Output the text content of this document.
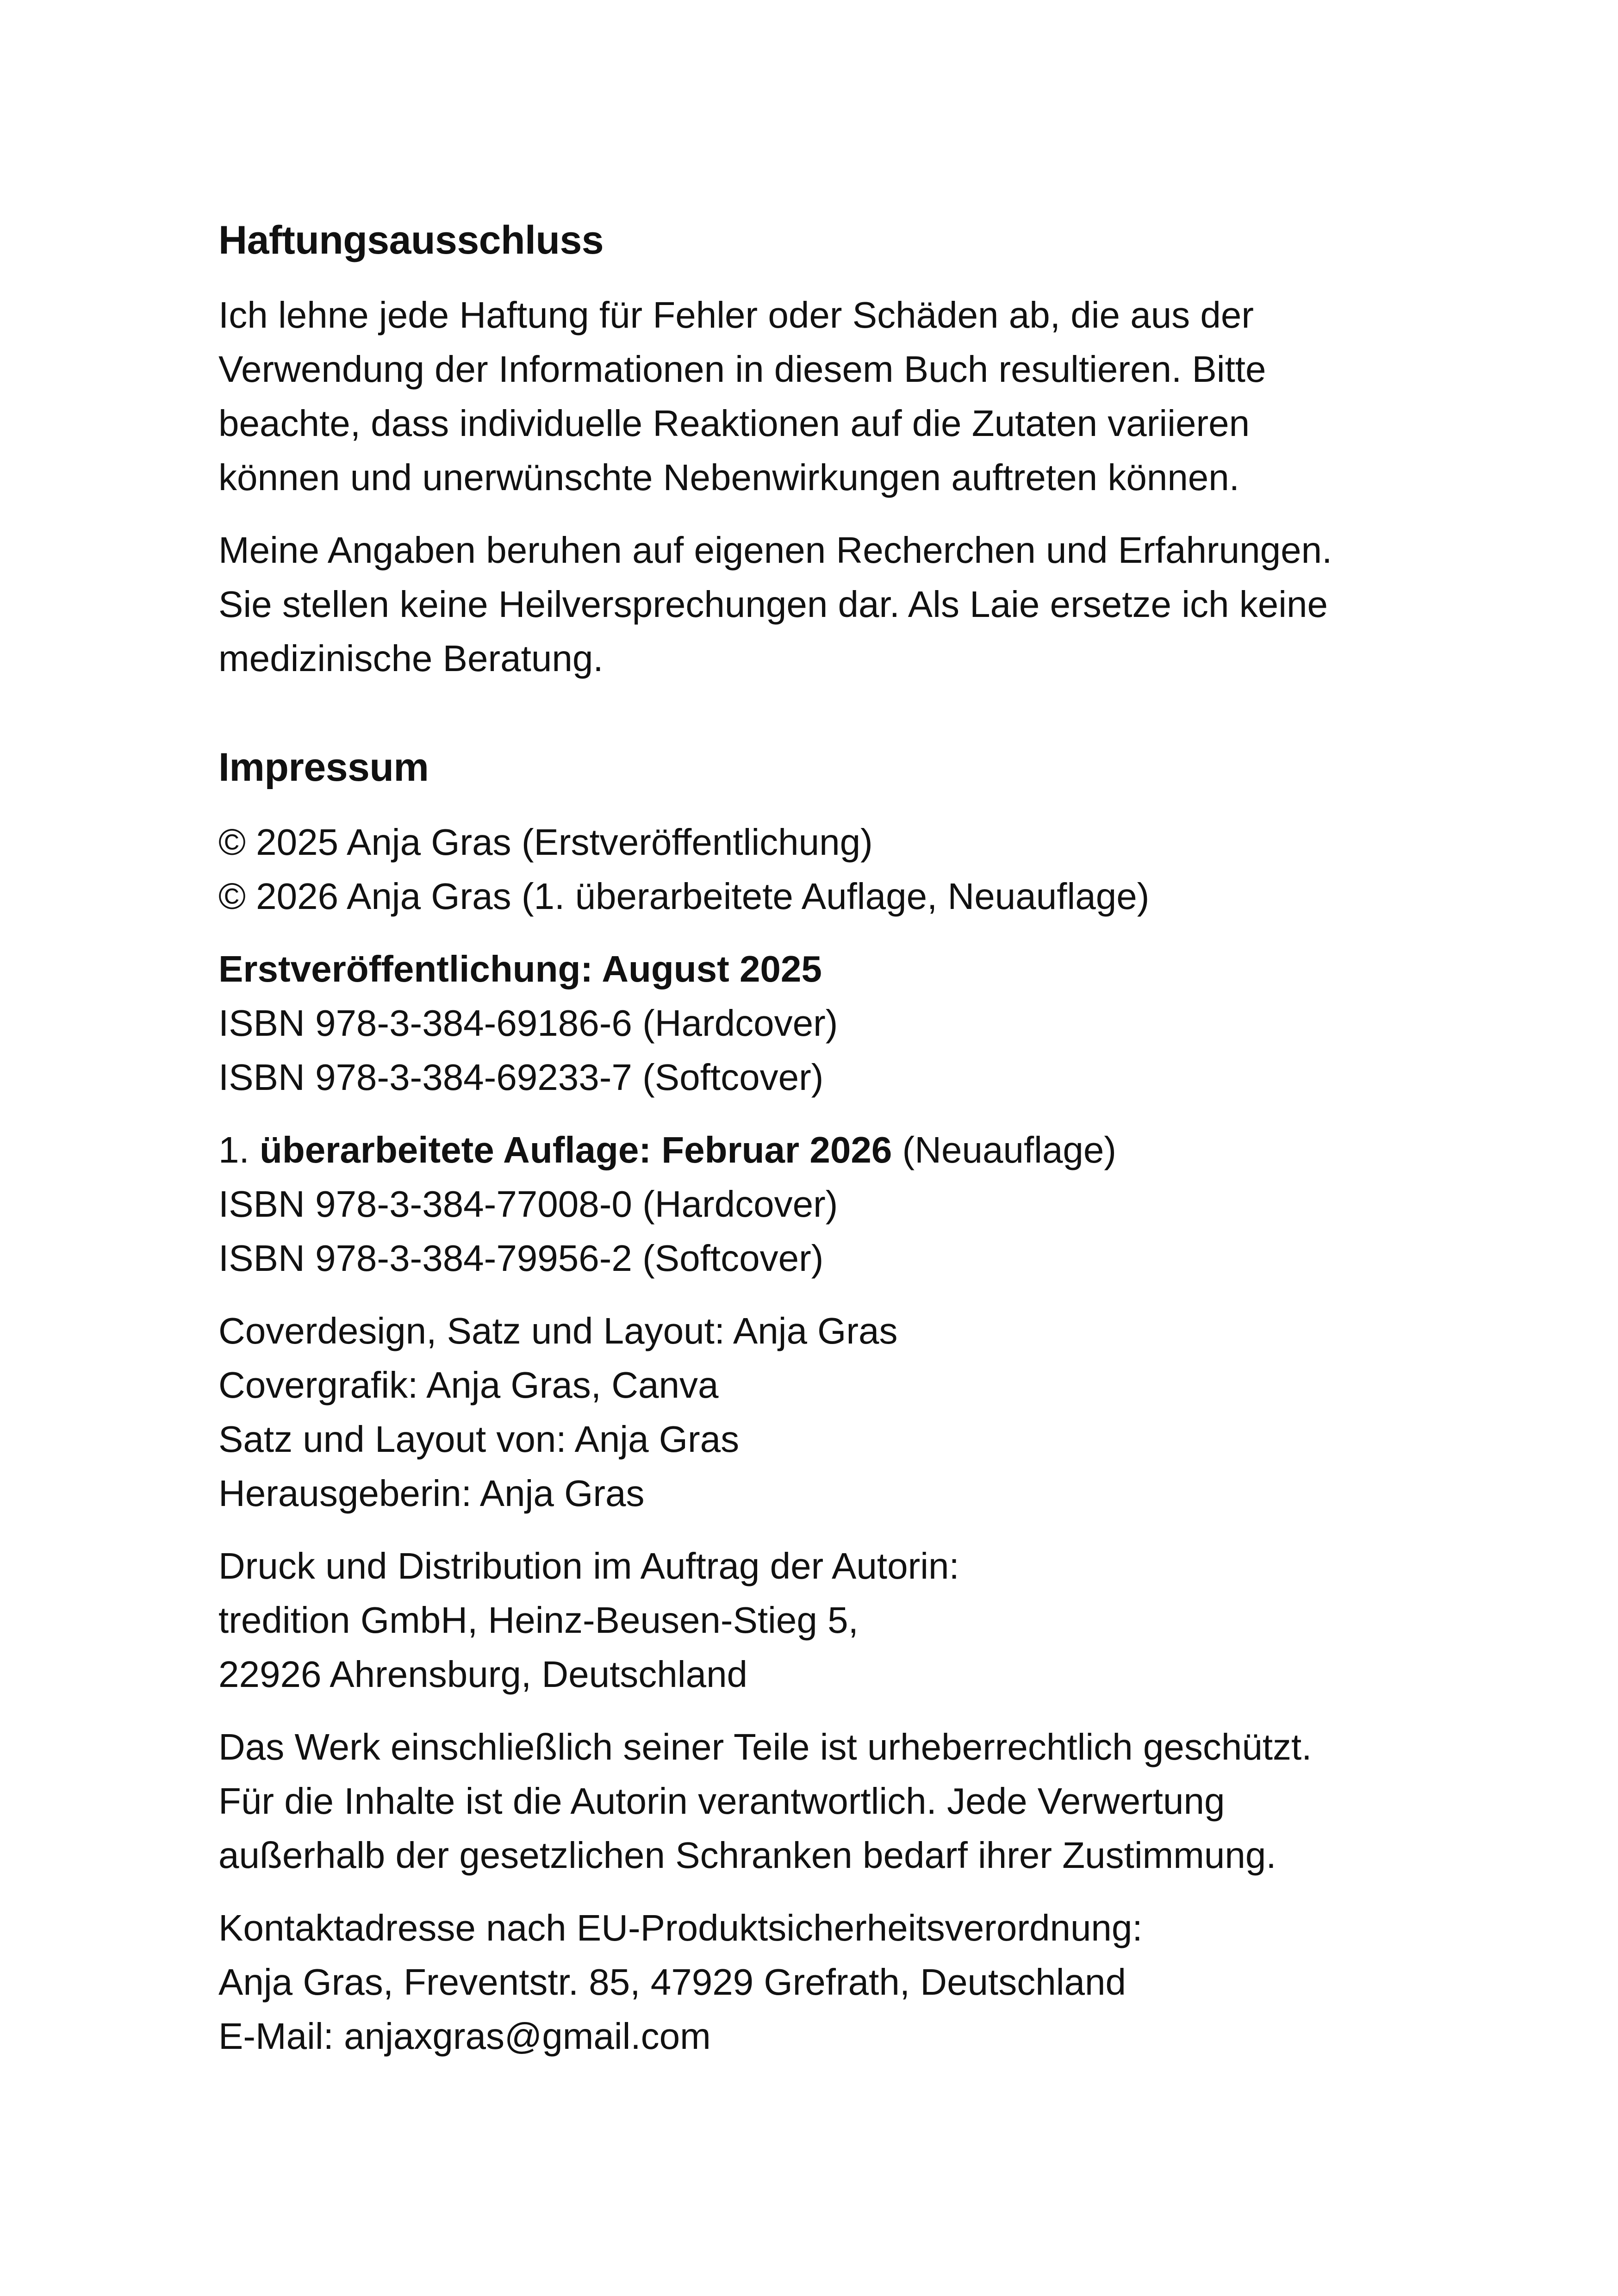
Haftungsausschluss
Ich lehne jede Haftung für Fehler oder Schäden ab, die aus der
Verwendung der Informationen in diesem Buch resultieren. Bitte
beachte, dass individuelle Reaktionen auf die Zutaten variieren
können und unerwünschte Nebenwirkungen auftreten können.
Meine Angaben beruhen auf eigenen Recherchen und Erfahrungen.
Sie stellen keine Heilversprechungen dar. Als Laie ersetze ich keine
medizinische Beratung.
Impressum
© 2025 Anja Gras (Erstveröffentlichung)
© 2026 Anja Gras (1. überarbeitete Auflage, Neuauflage)
Erstveröffentlichung: August 2025
ISBN 978-3-384-69186-6 (Hardcover)
ISBN 978-3-384-69233-7 (Softcover)
1. überarbeitete Auflage: Februar 2026 (Neuauflage)
ISBN 978-3-384-77008-0 (Hardcover)
ISBN 978-3-384-79956-2 (Softcover)
Coverdesign, Satz und Layout: Anja Gras
Covergrafik: Anja Gras, Canva
Satz und Layout von: Anja Gras
Herausgeberin: Anja Gras
Druck und Distribution im Auftrag der Autorin:
tredition GmbH, Heinz-Beusen-Stieg 5,
22926 Ahrensburg, Deutschland
Das Werk einschließlich seiner Teile ist urheberrechtlich geschützt.
Für die Inhalte ist die Autorin verantwortlich. Jede Verwertung
außerhalb der gesetzlichen Schranken bedarf ihrer Zustimmung.
Kontaktadresse nach EU-Produktsicherheitsverordnung:
Anja Gras, Freventstr. 85, 47929 Grefrath, Deutschland
E-Mail: anjaxgras@gmail.com
